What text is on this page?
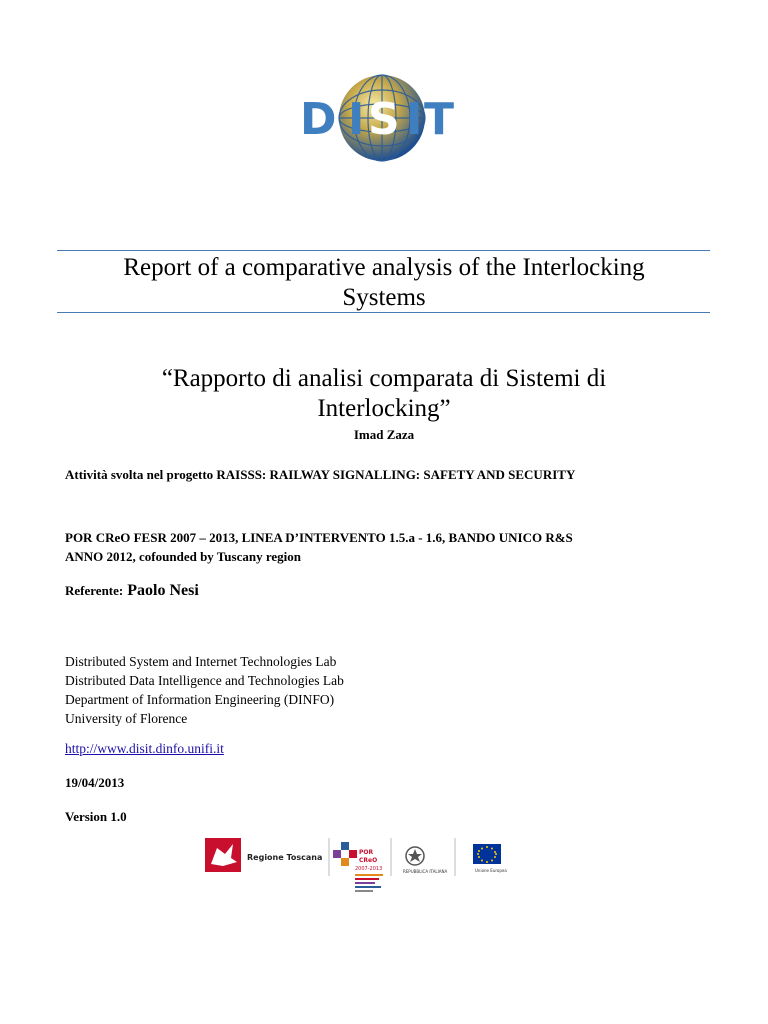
D I S I T
Report of a comparative analysis of the Interlocking
Systems
“Rapporto di analisi comparata di Sistemi di
Interlocking”
Imad Zaza
Attività svolta nel progetto RAISSS: RAILWAY SIGNALLING: SAFETY AND SECURITY
POR CReO FESR 2007 – 2013, LINEA D’INTERVENTO 1.5.a - 1.6, BANDO UNICO R&S
ANNO 2012, cofounded by Tuscany region
Referente: Paolo Nesi
Distributed System and Internet Technologies Lab
Distributed Data Intelligence and Technologies Lab
Department of Information Engineering (DINFO)
University of Florence
http://www.disit.dinfo.unifi.it
19/04/2013
Version 1.0
Regione Toscana
POR
CReO
2007-2013	REPUBBLICA ITALIANA	Unione Europea
